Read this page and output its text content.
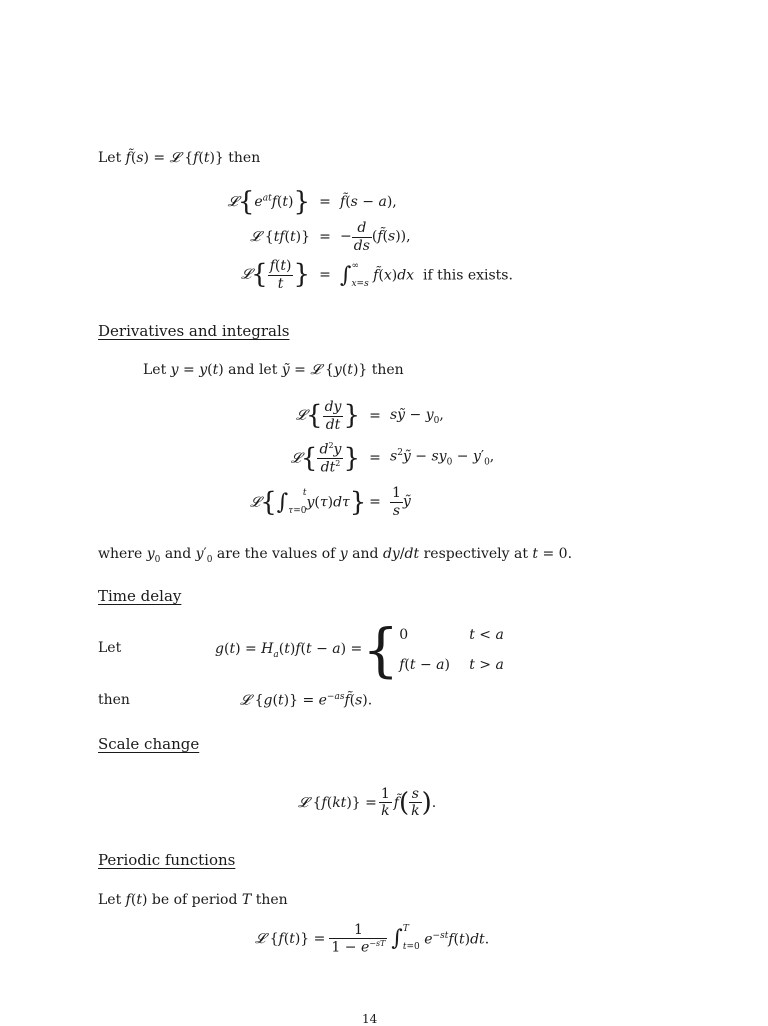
Let f̃(s) = 𝓛 {f(t)} then
$𝓛\{e^{at}f(t)\}$ = f̃(s − a),
𝓛 {tf(t)} = − $\frac{d}{ds}$ (f̃(s)),
𝓛{ $\frac{f(t)}{t}$ } = ∫∞

x=s f̃(x)dx  if this exists.
Derivatives and integrals
Let y = y(t) and let ỹ = 𝓛 {y(t)} then
𝓛{ $\frac{dy}{dt}$ } = sỹ − $y_0$,
𝓛{ $\frac{d^2y}{dt^2}$ } = $s^2ỹ - sy_0 - y'_0$,
𝓛{∫ t

$\tau=0y(\tau)d\tau\} = \frac{1}{s}$ ỹ
where $y_0$ and $y'_0$ are the values of y and dy/dt respectively at t = 0.
Time delay
Let	$g(t) = H_a(t)f(t - a)$ = { 0	t < a
f(t − a) t > a
then	𝓛 $\{g(t)\} = e^{-as}f̃(s)$.
Scale change
𝓛 $\{f(kt)\} = \frac{1}{k}$ f̃ ( $\frac{s}{k}$ ) .
Periodic functions
Let f(t) be of period T then
𝓛 $\{f(t)\} = \frac{1}{1 - e^{-sT}}$ ∫ T

t=0
$e^{-st}f(t)dt$.
14
